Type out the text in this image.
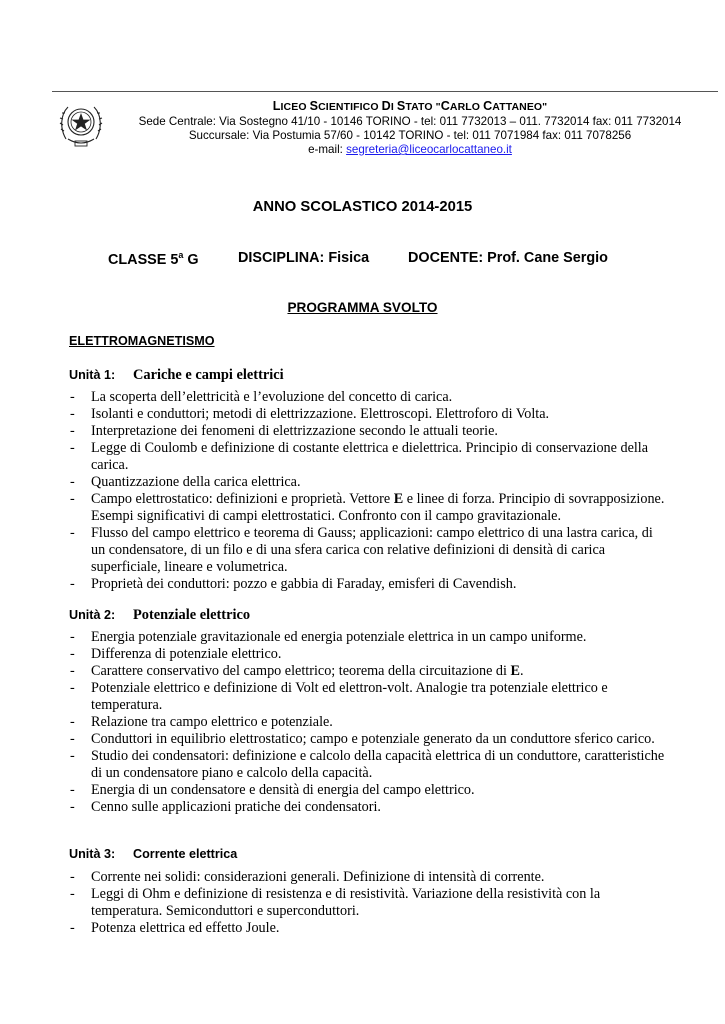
LICEO SCIENTIFICO DI STATO "CARLO CATTANEO"
Sede Centrale: Via Sostegno 41/10 - 10146 TORINO - tel: 011 7732013 – 011. 7732014 fax: 011 7732014
Succursale: Via Postumia 57/60 - 10142 TORINO - tel: 011 7071984 fax: 011 7078256
e-mail: segreteria@liceocarlocattaneo.it
ANNO SCOLASTICO 2014-2015
CLASSE 5$^a$ G	DISCIPLINA: Fisica	DOCENTE: Prof. Cane Sergio
PROGRAMMA SVOLTO
ELETTROMAGNETISMO
Unità 1: Cariche e campi elettrici
- La scoperta dell’elettricità e l’evoluzione del concetto di carica.
- Isolanti e conduttori; metodi di elettrizzazione. Elettroscopi. Elettroforo di Volta.
- Interpretazione dei fenomeni di elettrizzazione secondo le attuali teorie.
- Legge di Coulomb e definizione di costante elettrica e dielettrica. Principio di conservazione della carica.
- Quantizzazione della carica elettrica.
- Campo elettrostatico: definizioni e proprietà. Vettore E e linee di forza. Principio di sovrapposizione. Esempi significativi di campi elettrostatici. Confronto con il campo gravitazionale.
- Flusso del campo elettrico e teorema di Gauss; applicazioni: campo elettrico di una lastra carica, di un condensatore, di un filo e di una sfera carica con relative definizioni di densità di carica superficiale, lineare e volumetrica.
- Proprietà dei conduttori: pozzo e gabbia di Faraday, emisferi di Cavendish.
Unità 2: Potenziale elettrico
- Energia potenziale gravitazionale ed energia potenziale elettrica in un campo uniforme.
- Differenza di potenziale elettrico.
- Carattere conservativo del campo elettrico; teorema della circuitazione di E.
- Potenziale elettrico e definizione di Volt ed elettron-volt. Analogie tra potenziale elettrico e temperatura.
- Relazione tra campo elettrico e potenziale.
- Conduttori in equilibrio elettrostatico; campo e potenziale generato da un conduttore sferico carico.
- Studio dei condensatori: definizione e calcolo della capacità elettrica di un conduttore, caratteristiche di un condensatore piano e calcolo della capacità.
- Energia di un condensatore e densità di energia del campo elettrico.
- Cenno sulle applicazioni pratiche dei condensatori.
Unità 3: Corrente elettrica
- Corrente nei solidi: considerazioni generali. Definizione di intensità di corrente.
- Leggi di Ohm e definizione di resistenza e di resistività. Variazione della resistività con la temperatura. Semiconduttori e superconduttori.
- Potenza elettrica ed effetto Joule.
